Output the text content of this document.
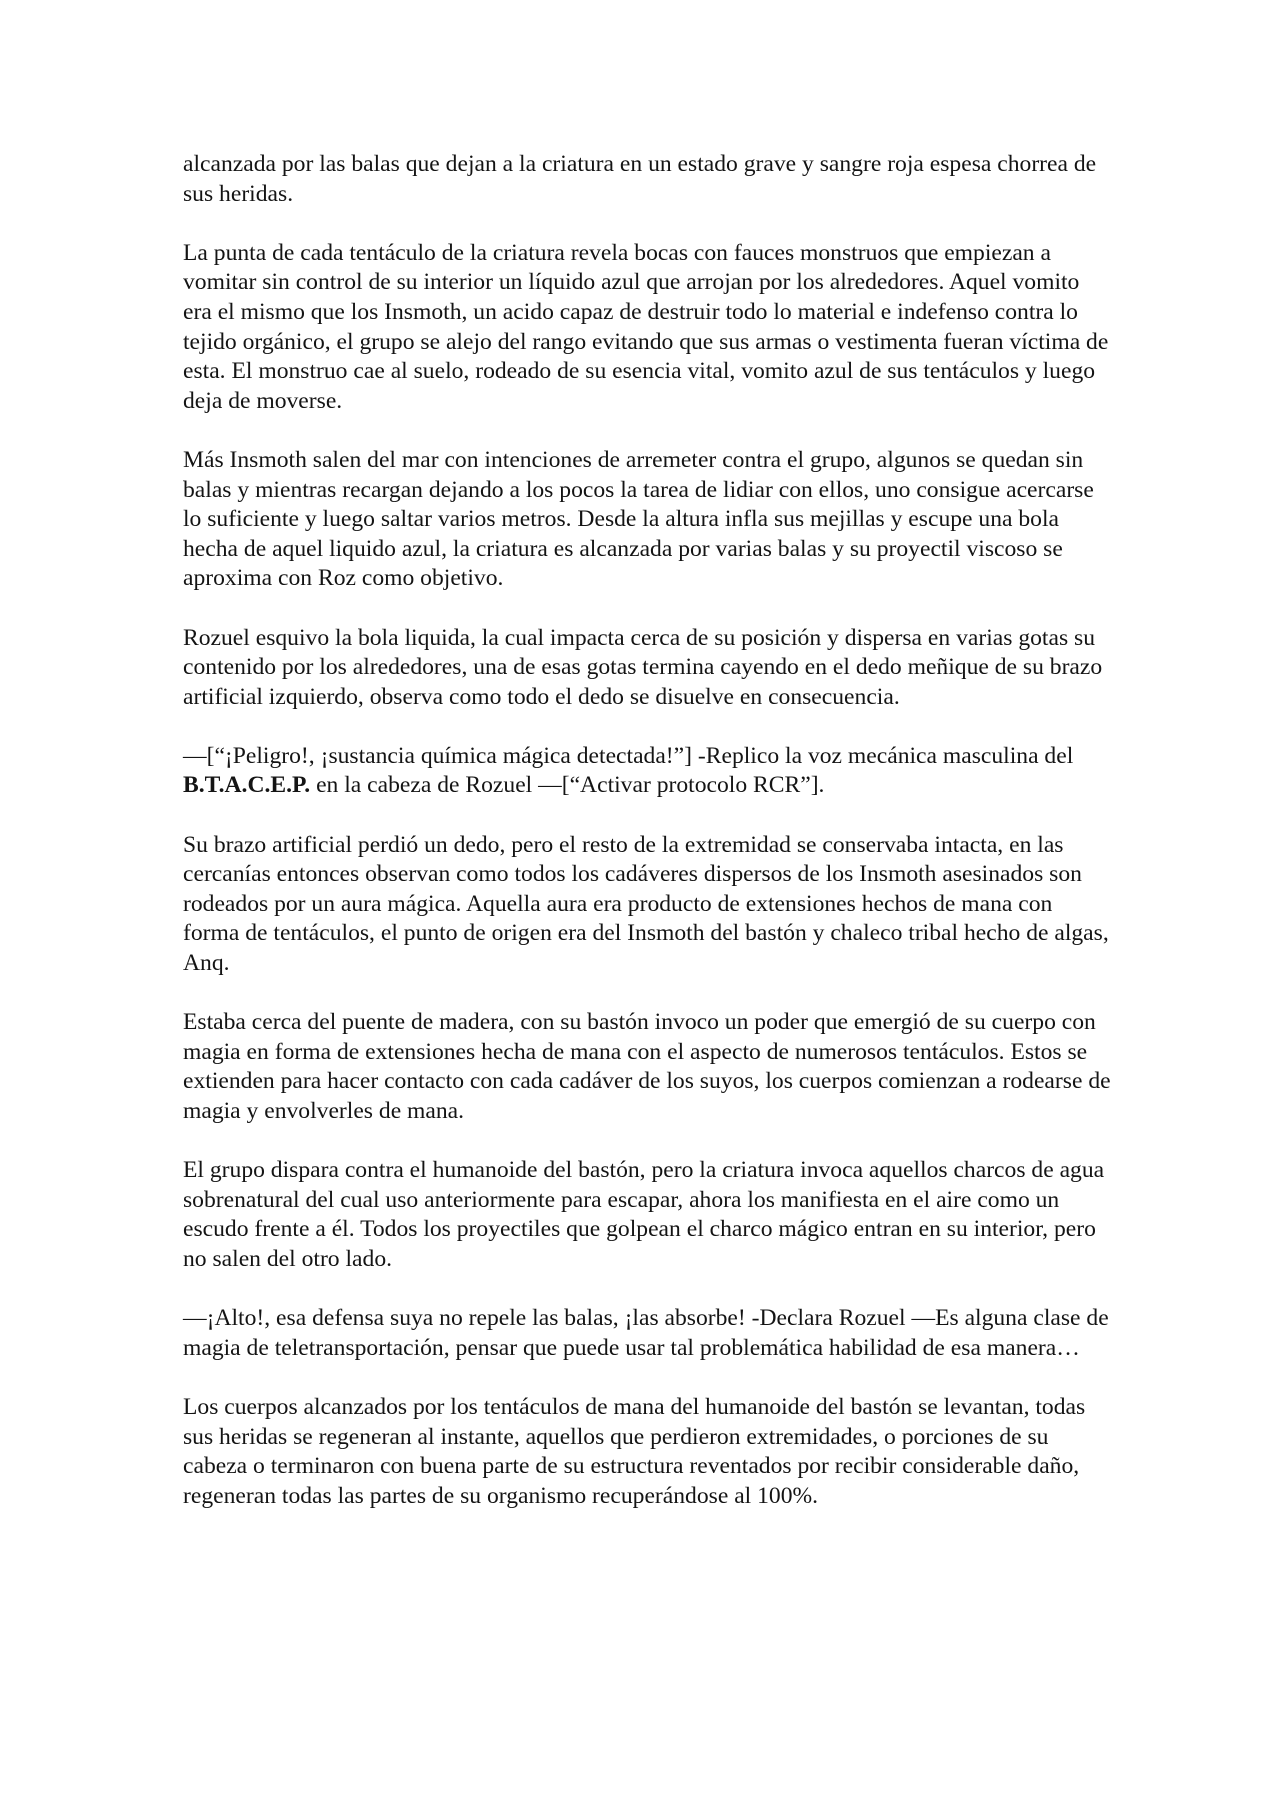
alcanzada por las balas que dejan a la criatura en un estado grave y sangre roja espesa chorrea de sus heridas.

La punta de cada tentáculo de la criatura revela bocas con fauces monstruos que empiezan a vomitar sin control de su interior un líquido azul que arrojan por los alrededores. Aquel vomito era el mismo que los Insmoth, un acido capaz de destruir todo lo material e indefenso contra lo tejido orgánico, el grupo se alejo del rango evitando que sus armas o vestimenta fueran víctima de esta. El monstruo cae al suelo, rodeado de su esencia vital, vomito azul de sus tentáculos y luego deja de moverse.

Más Insmoth salen del mar con intenciones de arremeter contra el grupo, algunos se quedan sin balas y mientras recargan dejando a los pocos la tarea de lidiar con ellos, uno consigue acercarse lo suficiente y luego saltar varios metros. Desde la altura infla sus mejillas y escupe una bola hecha de aquel liquido azul, la criatura es alcanzada por varias balas y su proyectil viscoso se aproxima con Roz como objetivo.

Rozuel esquivo la bola liquida, la cual impacta cerca de su posición y dispersa en varias gotas su contenido por los alrededores, una de esas gotas termina cayendo en el dedo meñique de su brazo artificial izquierdo, observa como todo el dedo se disuelve en consecuencia.

—[“¡Peligro!, ¡sustancia química mágica detectada!”] -Replico la voz mecánica masculina del B.T.A.C.E.P. en la cabeza de Rozuel —[“Activar protocolo RCR”].

Su brazo artificial perdió un dedo, pero el resto de la extremidad se conservaba intacta, en las cercanías entonces observan como todos los cadáveres dispersos de los Insmoth asesinados son rodeados por un aura mágica. Aquella aura era producto de extensiones hechos de mana con forma de tentáculos, el punto de origen era del Insmoth del bastón y chaleco tribal hecho de algas, Anq.

Estaba cerca del puente de madera, con su bastón invoco un poder que emergió de su cuerpo con magia en forma de extensiones hecha de mana con el aspecto de numerosos tentáculos. Estos se extienden para hacer contacto con cada cadáver de los suyos, los cuerpos comienzan a rodearse de magia y envolverles de mana.

El grupo dispara contra el humanoide del bastón, pero la criatura invoca aquellos charcos de agua sobrenatural del cual uso anteriormente para escapar, ahora los manifiesta en el aire como un escudo frente a él. Todos los proyectiles que golpean el charco mágico entran en su interior, pero no salen del otro lado.

—¡Alto!, esa defensa suya no repele las balas, ¡las absorbe! -Declara Rozuel —Es alguna clase de magia de teletransportación, pensar que puede usar tal problemática habilidad de esa manera…

Los cuerpos alcanzados por los tentáculos de mana del humanoide del bastón se levantan, todas sus heridas se regeneran al instante, aquellos que perdieron extremidades, o porciones de su cabeza o terminaron con buena parte de su estructura reventados por recibir considerable daño, regeneran todas las partes de su organismo recuperándose al 100%.
